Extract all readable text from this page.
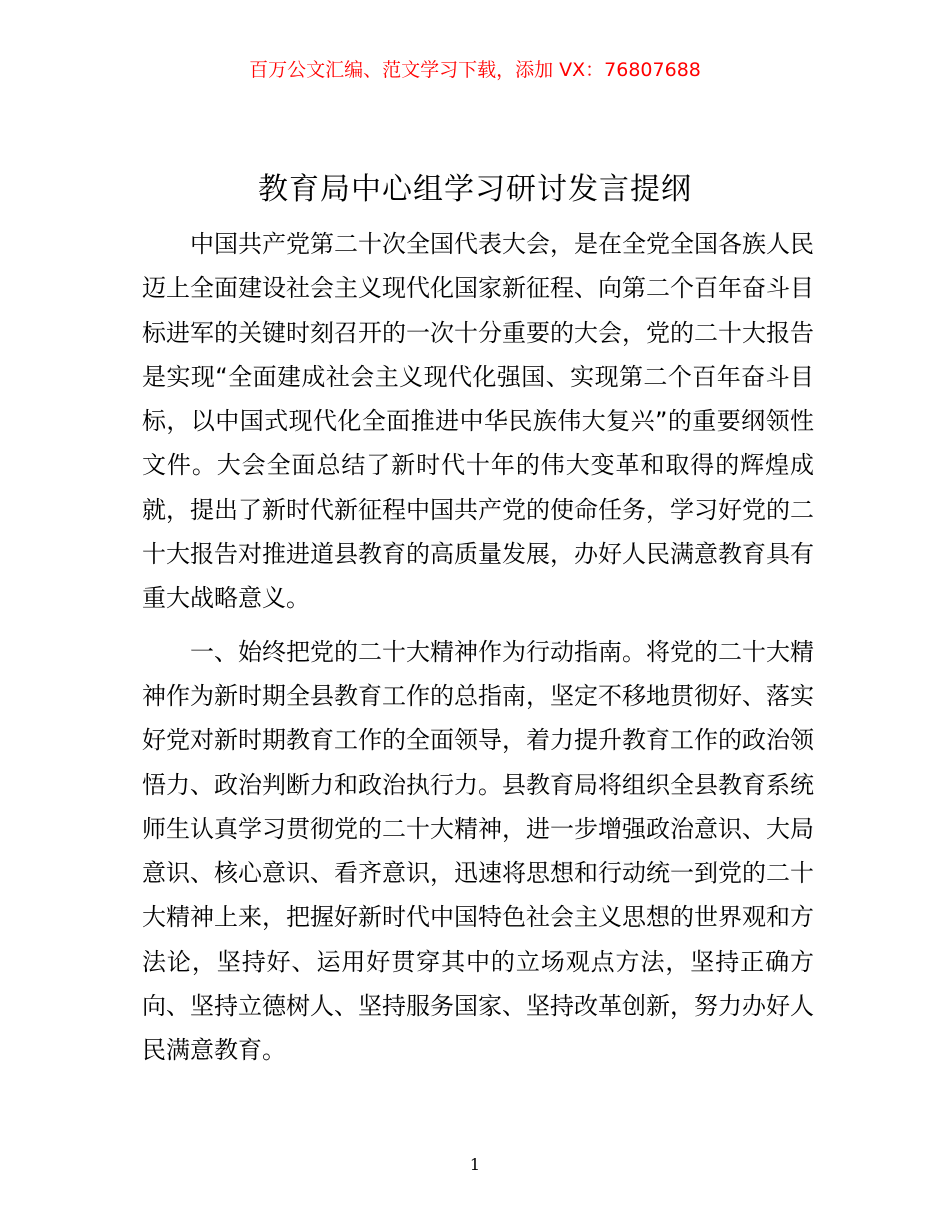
百万公文汇编、范文学习下载，添加 VX：76807688
教育局中心组学习研讨发言提纲

中国共产党第二十次全国代表大会，是在全党全国各族人民迈上全面建设社会主义现代化国家新征程、向第二个百年奋斗目标进军的关键时刻召开的一次十分重要的大会，党的二十大报告是实现“全面建成社会主义现代化强国、实现第二个百年奋斗目标，以中国式现代化全面推进中华民族伟大复兴”的重要纲领性文件。大会全面总结了新时代十年的伟大变革和取得的辉煌成就，提出了新时代新征程中国共产党的使命任务，学习好党的二十大报告对推进道县教育的高质量发展，办好人民满意教育具有重大战略意义。

一、始终把党的二十大精神作为行动指南。将党的二十大精神作为新时期全县教育工作的总指南，坚定不移地贯彻好、落实好党对新时期教育工作的全面领导，着力提升教育工作的政治领悟力、政治判断力和政治执行力。县教育局将组织全县教育系统师生认真学习贯彻党的二十大精神，进一步增强政治意识、大局意识、核心意识、看齐意识，迅速将思想和行动统一到党的二十大精神上来，把握好新时代中国特色社会主义思想的世界观和方法论，坚持好、运用好贯穿其中的立场观点方法，坚持正确方向、坚持立德树人、坚持服务国家、坚持改革创新，努力办好人民满意教育。

1
